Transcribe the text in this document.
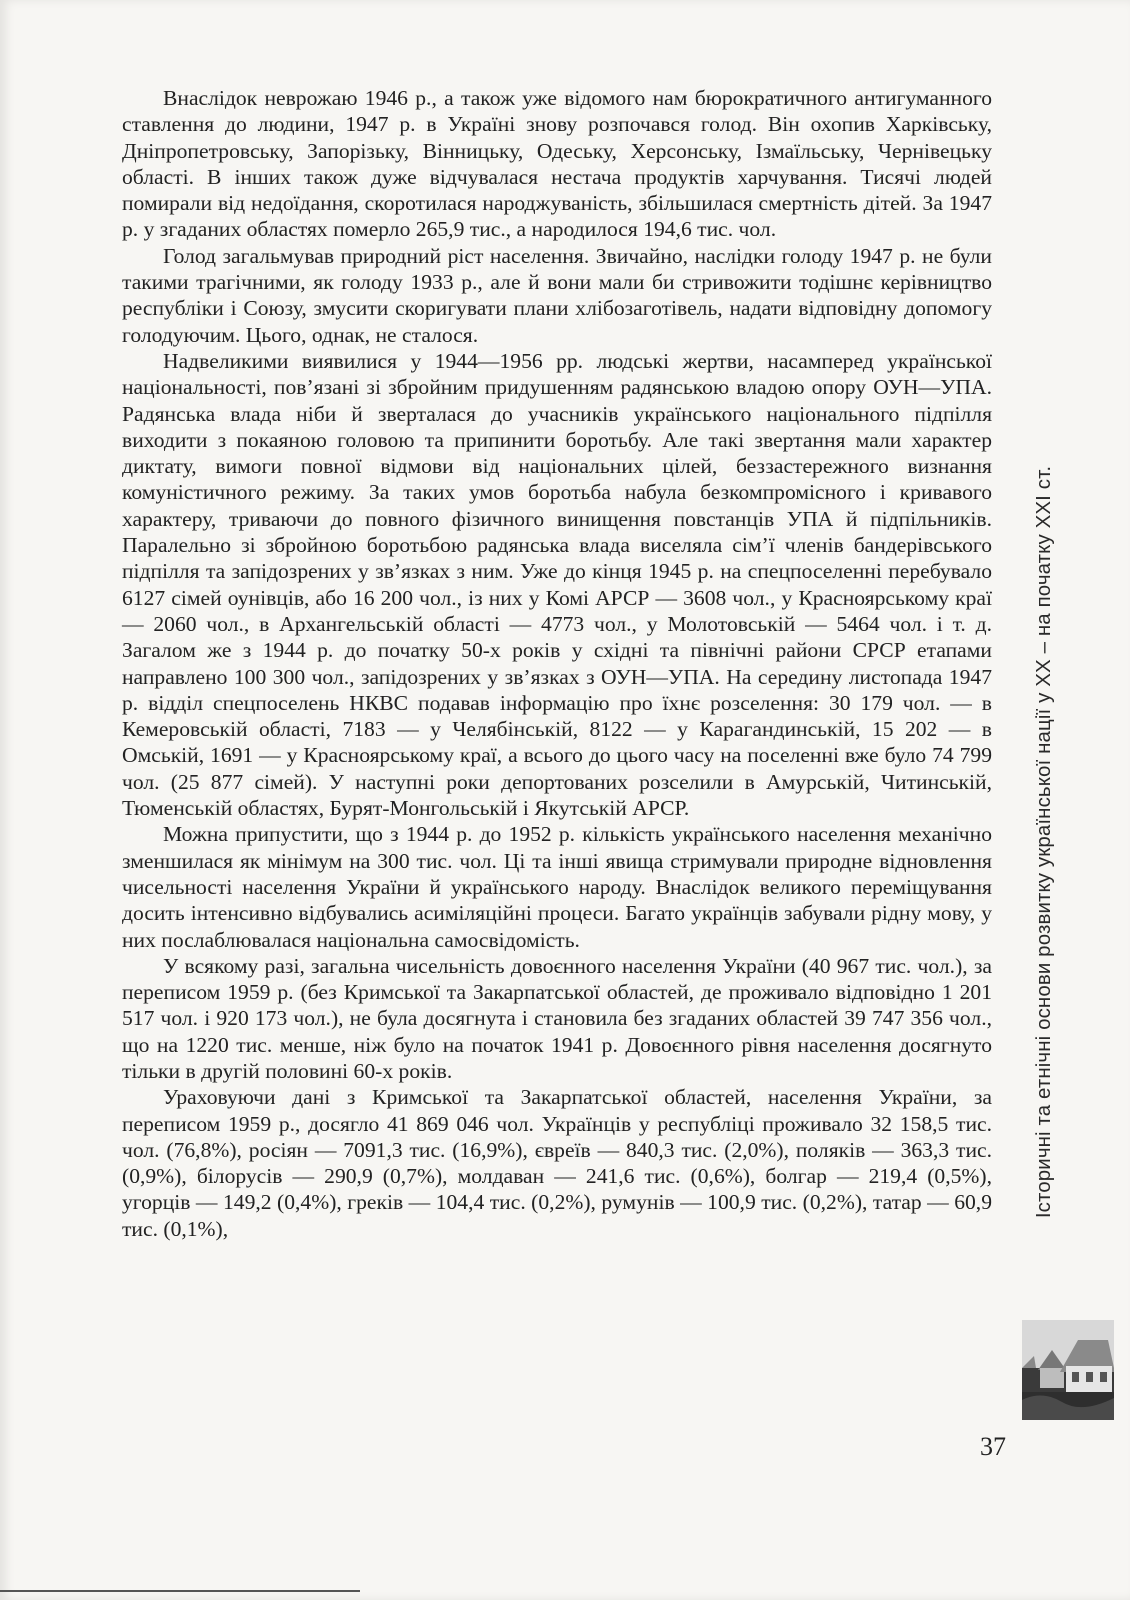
Внаслідок неврожаю 1946 р., а також уже відомого нам бюрократичного антигуманного ставлення до людини, 1947 р. в Україні знову розпочався голод. Він охопив Харківську, Дніпропетровську, Запорізьку, Вінницьку, Одеську, Херсонську, Ізмаїльську, Чернівецьку області. В інших також дуже відчувалася нестача продуктів харчування. Тисячі людей помирали від недоїдання, скоротилася народжуваність, збільшилася смертність дітей. За 1947 р. у згаданих областях померло 265,9 тис., а народилося 194,6 тис. чол.

Голод загальмував природний ріст населення. Звичайно, наслідки голоду 1947 р. не були такими трагічними, як голоду 1933 р., але й вони мали би стривожити тодішнє керівництво республіки і Союзу, змусити скоригувати плани хлібозаготівель, надати відповідну допомогу голодуючим. Цього, однак, не сталося.

Надвеликими виявилися у 1944—1956 рр. людські жертви, насамперед української національності, пов’язані зі збройним придушенням радянською владою опору ОУН—УПА. Радянська влада ніби й зверталася до учасників українського національного підпілля виходити з покаяною головою та припинити боротьбу. Але такі звертання мали характер диктату, вимоги повної відмови від національних цілей, беззастережного визнання комуністичного режиму. За таких умов боротьба набула безкомпромісного і кривавого характеру, триваючи до повного фізичного винищення повстанців УПА й підпільників. Паралельно зі збройною боротьбою радянська влада виселяла сім’ї членів бандерівського підпілля та запідозрених у зв’язках з ним. Уже до кінця 1945 р. на спецпоселенні перебувало 6127 сімей оунівців, або 16 200 чол., із них у Комі АРСР — 3608 чол., у Красноярському краї — 2060 чол., в Архангельській області — 4773 чол., у Молотовській — 5464 чол. і т. д. Загалом же з 1944 р. до початку 50-х років у східні та північні райони СРСР етапами направлено 100 300 чол., запідозрених у зв’язках з ОУН—УПА. На середину листопада 1947 р. відділ спецпоселень НКВС подавав інформацію про їхнє розселення: 30 179 чол. — в Кемеровській області, 7183 — у Челябінській, 8122 — у Карагандинській, 15 202 — в Омській, 1691 — у Красноярському краї, а всього до цього часу на поселенні вже було 74 799 чол. (25 877 сімей). У наступні роки депортованих розселили в Амурській, Читинській, Тюменській областях, Бурят-Монгольській і Якутській АРСР.

Можна припустити, що з 1944 р. до 1952 р. кількість українського населення механічно зменшилася як мінімум на 300 тис. чол. Ці та інші явища стримували природне відновлення чисельності населення України й українського народу. Внаслідок великого переміщування досить інтенсивно відбувались асиміляційні процеси. Багато українців забували рідну мову, у них послаблювалася національна самосвідомість.

У всякому разі, загальна чисельність довоєнного населення України (40 967 тис. чол.), за переписом 1959 р. (без Кримської та Закарпатської областей, де проживало відповідно 1 201 517 чол. і 920 173 чол.), не була досягнута і становила без згаданих областей 39 747 356 чол., що на 1220 тис. менше, ніж було на початок 1941 р. Довоєнного рівня населення досягнуто тільки в другій половині 60-х років.

Ураховуючи дані з Кримської та Закарпатської областей, населення України, за переписом 1959 р., досягло 41 869 046 чол. Українців у республіці проживало 32 158,5 тис. чол. (76,8%), росіян — 7091,3 тис. (16,9%), євреїв — 840,3 тис. (2,0%), поляків — 363,3 тис. (0,9%), білорусів — 290,9 (0,7%), молдаван — 241,6 тис. (0,6%), болгар — 219,4 (0,5%), угорців — 149,2 (0,4%), греків — 104,4 тис. (0,2%), румунів — 100,9 тис. (0,2%), татар — 60,9 тис. (0,1%),

Історичні та етнічні основи розвитку української нації у XX – на початку XXI ст.
37
